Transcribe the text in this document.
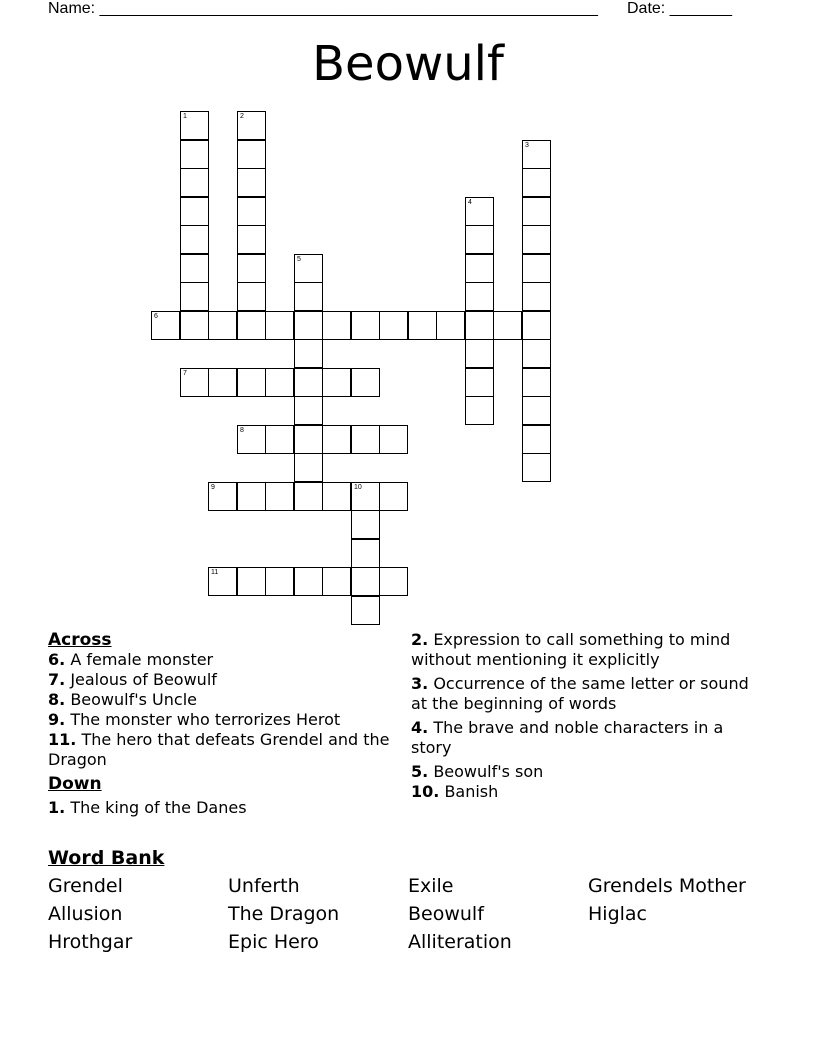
Name: ________________________________________________________ Date: _______
Beowulf
1	2
3
4
5
6
7
8
9	10
11
Across

6. A female monster

7. Jealous of Beowulf

8. Beowulf's Uncle

9. The monster who terrorizes Herot

11. The hero that defeats Grendel and the Dragon

Down

1. The king of the Danes

2. Expression to call something to mind without mentioning it explicitly

3. Occurrence of the same letter or sound at the beginning of words

4. The brave and noble characters in a story

5. Beowulf's son

10. Banish

Word Bank
Grendel	Unferth	Exile	Grendels Mother
Allusion	The Dragon	Beowulf	Higlac
Hrothgar	Epic Hero	Alliteration
